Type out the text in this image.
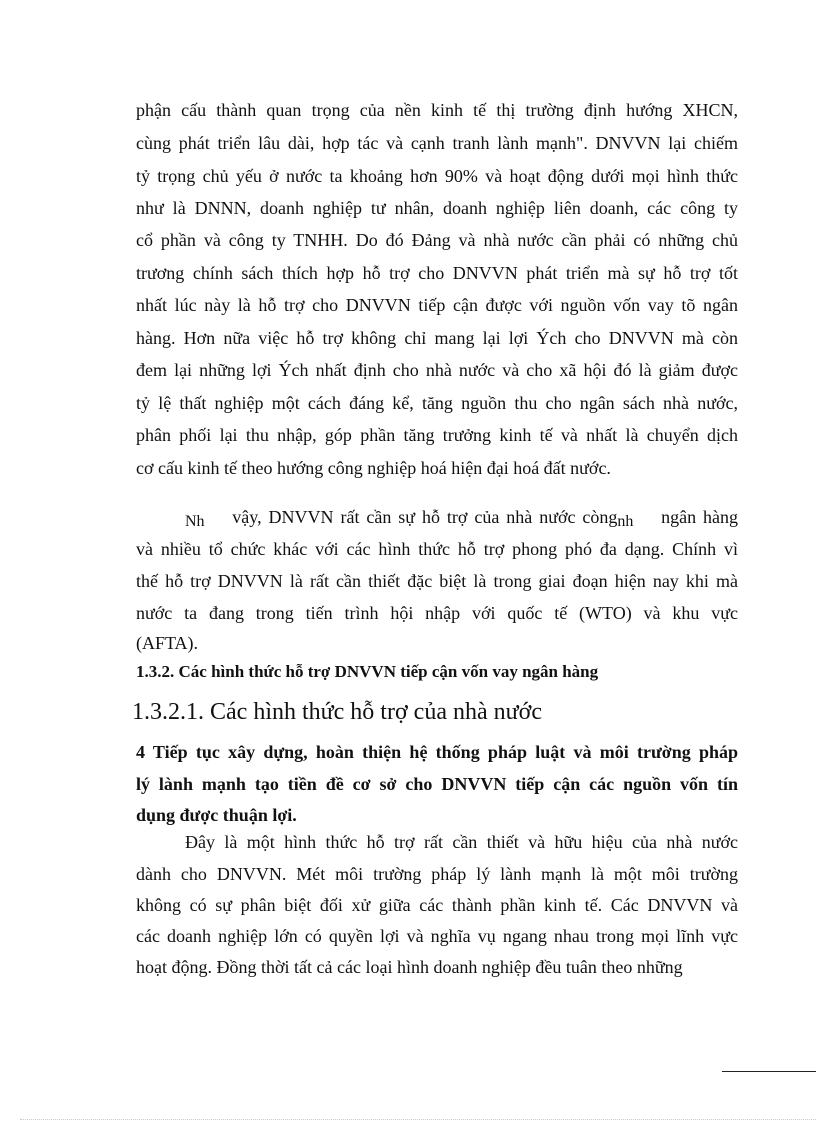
phận cấu thành quan trọng của nền kinh tế thị trường định hướng XHCN,
cùng phát triển lâu dài, hợp tác và cạnh tranh lành mạnh". DNVVN lại chiếm
tỷ trọng chủ yếu ở nước ta khoảng hơn 90% và hoạt động dưới mọi hình thức
như là DNNN, doanh nghiệp tư nhân, doanh nghiệp liên doanh, các công ty
cổ phần và công ty TNHH. Do đó Đảng và nhà nước cần phải có những chủ
trương chính sách thích hợp hỗ trợ cho DNVVN phát triển mà sự hỗ trợ tốt
nhất lúc này là hỗ trợ cho DNVVN tiếp cận được với nguồn vốn vay tõ ngân
hàng. Hơn nữa việc hỗ trợ không chỉ mang lại lợi Ých cho DNVVN mà còn
đem lại những lợi Ých nhất định cho nhà nước và cho xã hội đó là giảm được
tỷ lệ thất nghiệp một cách đáng kể, tăng nguồn thu cho ngân sách nhà nước,
phân phối lại thu nhập, góp phần tăng trưởng kinh tế và nhất là chuyển dịch
cơ cấu kinh tế theo hướng công nghiệp hoá hiện đại hoá đất nước.
Nh vậy, DNVVN rất cần sự hỗ trợ của nhà nước còngnh ngân hàng
và nhiều tổ chức khác với các hình thức hỗ trợ phong phó đa dạng. Chính vì
thế hỗ trợ DNVVN là rất cần thiết đặc biệt là trong giai đoạn hiện nay khi mà
nước ta đang trong tiến trình hội nhập với quốc tế (WTO) và khu vực
(AFTA).
1.3.2. Các hình thức hỗ trợ DNVVN tiếp cận vốn vay ngân hàng
1.3.2.1. Các hình thức hỗ trợ của nhà nước
4 Tiếp tục xây dựng, hoàn thiện hệ thống pháp luật và môi trường pháp
lý lành mạnh tạo tiền đề cơ sở cho DNVVN tiếp cận các nguồn vốn tín
dụng được thuận lợi.
Đây là một hình thức hỗ trợ rất cần thiết và hữu hiệu của nhà nước
dành cho DNVVN. Mét môi trường pháp lý lành mạnh là một môi trường
không có sự phân biệt đối xử giữa các thành phần kinh tế. Các DNVVN và
các doanh nghiệp lớn có quyền lợi và nghĩa vụ ngang nhau trong mọi lĩnh vực
hoạt động. Đồng thời tất cả các loại hình doanh nghiệp đều tuân theo những
